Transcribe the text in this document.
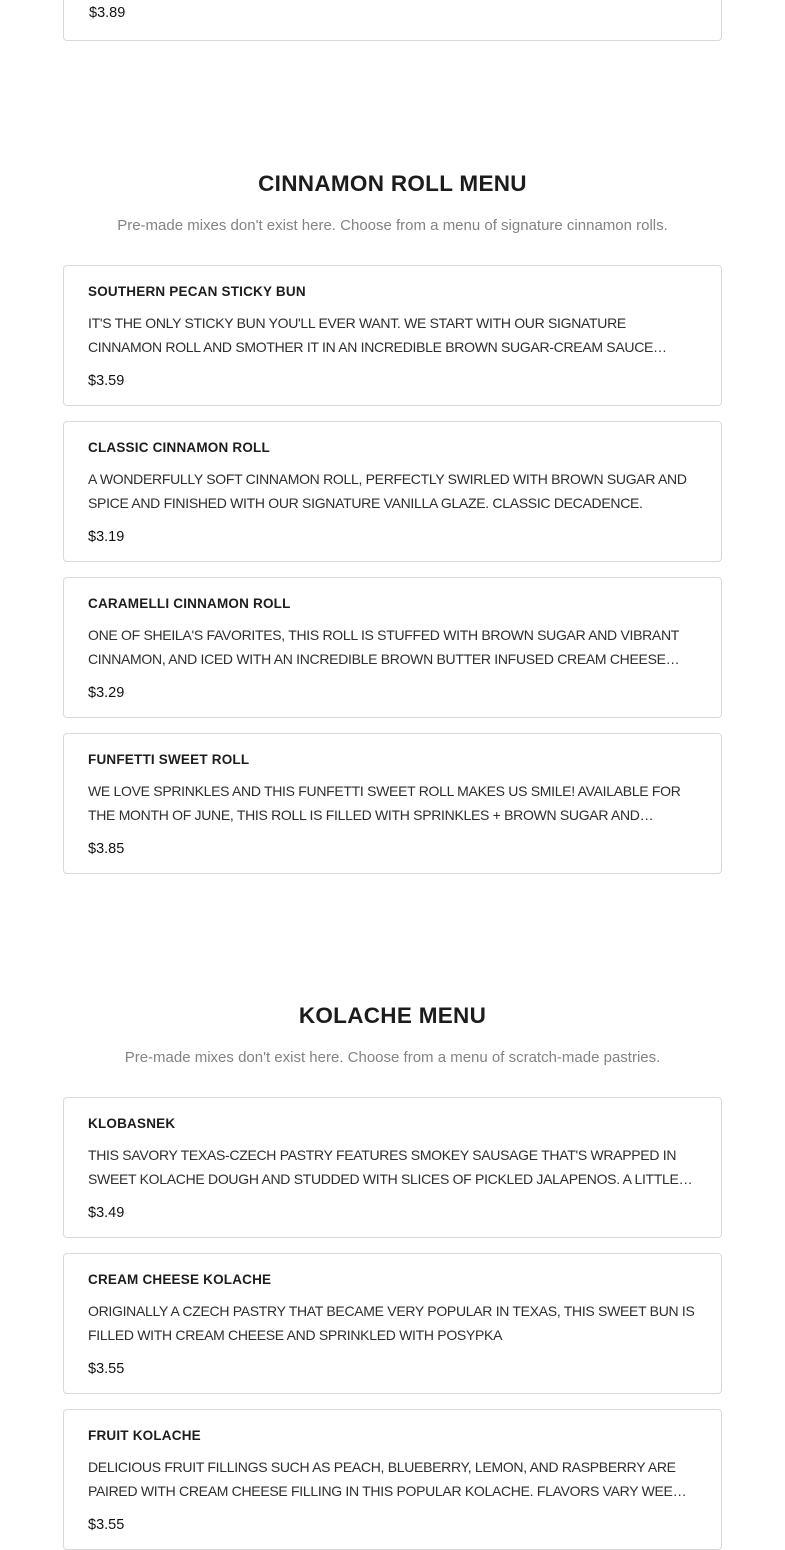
$3.89
CINNAMON ROLL MENU

Pre-made mixes don't exist here. Choose from a menu of signature cinnamon rolls.

SOUTHERN PECAN STICKY BUN
IT'S THE ONLY STICKY BUN YOU'LL EVER WANT. WE START WITH OUR SIGNATURE CINNAMON ROLL AND SMOTHER IT IN AN INCREDIBLE BROWN SUGAR-CREAM SAUCE…
$3.59
CLASSIC CINNAMON ROLL
A WONDERFULLY SOFT CINNAMON ROLL, PERFECTLY SWIRLED WITH BROWN SUGAR AND SPICE AND FINISHED WITH OUR SIGNATURE VANILLA GLAZE. CLASSIC DECADENCE.
$3.19
CARAMELLI CINNAMON ROLL
ONE OF SHEILA'S FAVORITES, THIS ROLL IS STUFFED WITH BROWN SUGAR AND VIBRANT CINNAMON, AND ICED WITH AN INCREDIBLE BROWN BUTTER INFUSED CREAM CHEESE…
$3.29
FUNFETTI SWEET ROLL
WE LOVE SPRINKLES AND THIS FUNFETTI SWEET ROLL MAKES US SMILE! AVAILABLE FOR THE MONTH OF JUNE, THIS ROLL IS FILLED WITH SPRINKLES + BROWN SUGAR AND…
$3.85
KOLACHE MENU

Pre-made mixes don't exist here. Choose from a menu of scratch-made pastries.

KLOBASNEK
THIS SAVORY TEXAS-CZECH PASTRY FEATURES SMOKEY SAUSAGE THAT'S WRAPPED IN SWEET KOLACHE DOUGH AND STUDDED WITH SLICES OF PICKLED JALAPENOS. A LITTLE…
$3.49
CREAM CHEESE KOLACHE
ORIGINALLY A CZECH PASTRY THAT BECAME VERY POPULAR IN TEXAS, THIS SWEET BUN IS FILLED WITH CREAM CHEESE AND SPRINKLED WITH POSYPKA
$3.55
FRUIT KOLACHE
DELICIOUS FRUIT FILLINGS SUCH AS PEACH, BLUEBERRY, LEMON, AND RASPBERRY ARE PAIRED WITH CREAM CHEESE FILLING IN THIS POPULAR KOLACHE. FLAVORS VARY WEE…
$3.55
